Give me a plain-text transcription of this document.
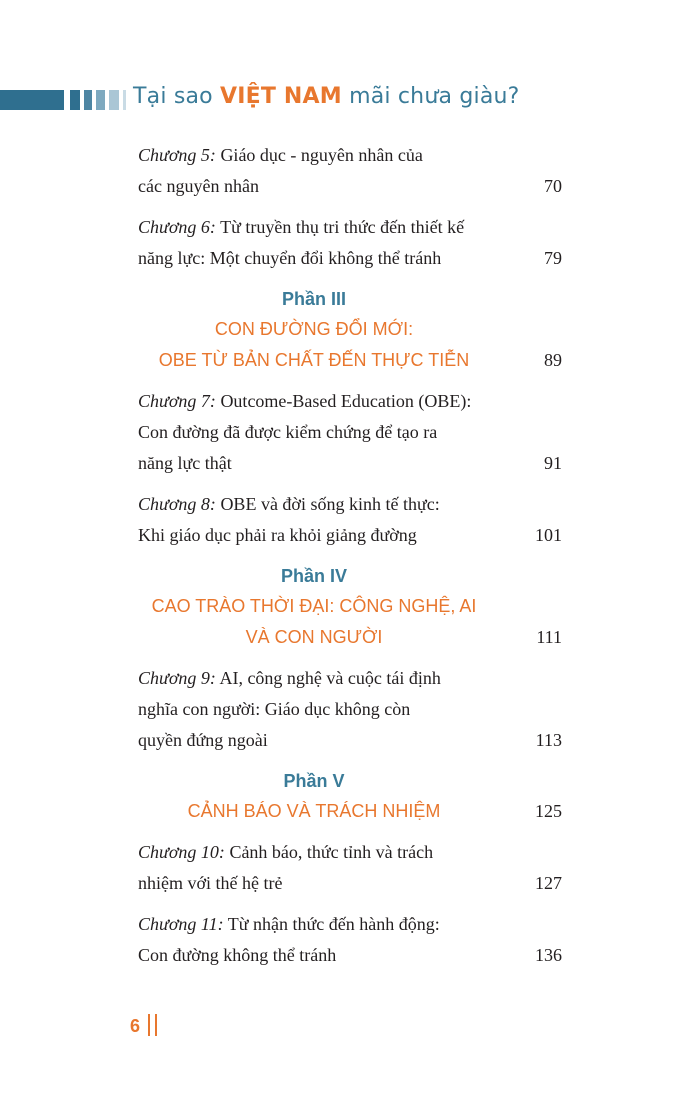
Tại sao VIỆT NAM mãi chưa giàu?
Chương 5: Giáo dục - nguyên nhân của
các nguyên nhân	70
Chương 6: Từ truyền thụ tri thức đến thiết kế
năng lực: Một chuyển đổi không thể tránh	79
Phần III
CON ĐƯỜNG ĐỔI MỚI:
OBE TỪ BẢN CHẤT ĐẾN THỰC TIỄN	89
Chương 7: Outcome-Based Education (OBE):
Con đường đã được kiểm chứng để tạo ra
năng lực thật	91
Chương 8: OBE và đời sống kinh tế thực:
Khi giáo dục phải ra khỏi giảng đường	101
Phần IV
CAO TRÀO THỜI ĐẠI: CÔNG NGHỆ, AI
VÀ CON NGƯỜI	111
Chương 9: AI, công nghệ và cuộc tái định
nghĩa con người: Giáo dục không còn
quyền đứng ngoài	113
Phần V
CẢNH BÁO VÀ TRÁCH NHIỆM	125
Chương 10: Cảnh báo, thức tỉnh và trách
nhiệm với thế hệ trẻ	127
Chương 11: Từ nhận thức đến hành động:
Con đường không thể tránh	136
6
